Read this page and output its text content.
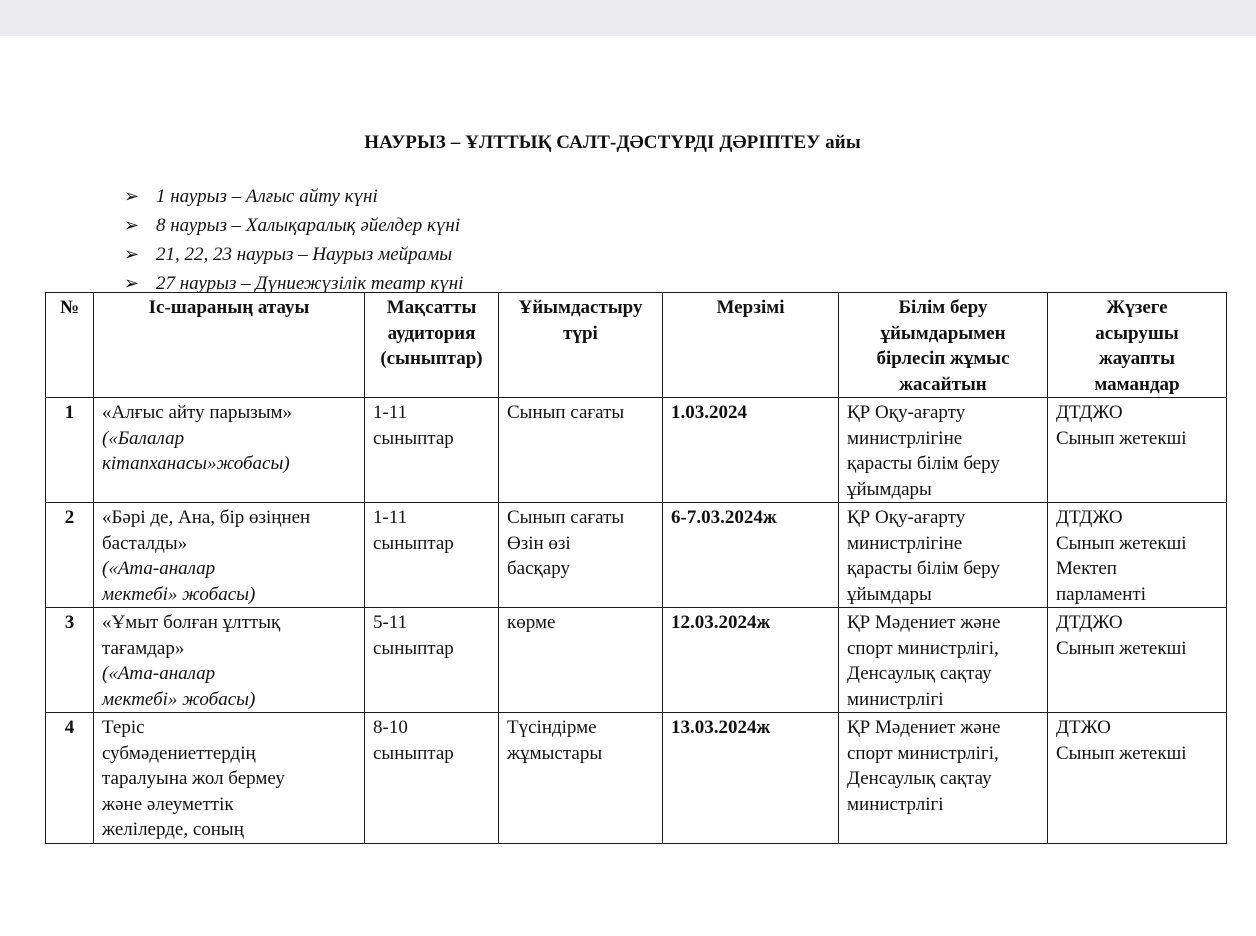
НАУРЫЗ – ҰЛТТЫҚ САЛТ-ДӘСТҮРДІ ДӘРІПТЕУ айы
➢ 1 наурыз – Алғыс айту күні
➢ 8 наурыз – Халықаралық әйелдер күні
➢ 21, 22, 23 наурыз – Наурыз мейрамы
➢ 27 наурыз – Дүниежүзілік театр күні
№	Іс-шараның атауы	Мақсатты
аудитория
(сыныптар)	Ұйымдастыру
түрі	Мерзімі	Білім беру
ұйымдарымен
бірлесіп жұмыс
жасайтын	Жүзеге
асырушы
жауапты
мамандар

1	«Алғыс айту парызым»
(«Балалар
кітапханасы»жобасы)	1-11
сыныптар	Сынып сағаты	1.03.2024	ҚР Оқу-ағарту
министрлігіне
қарасты білім беру
ұйымдары	ДТДЖО
Сынып жетекші

2	«Бәрі де, Ана, бір өзіңнен
басталды»
(«Ата-аналар
мектебі» жобасы)	1-11
сыныптар	Сынып сағаты
Өзін өзі
басқару	6-7.03.2024ж	ҚР Оқу-ағарту
министрлігіне
қарасты білім беру
ұйымдары	ДТДЖО
Сынып жетекші
Мектеп
парламенті

3	«Ұмыт болған ұлттық
тағамдар»
(«Ата-аналар
мектебі» жобасы)	5-11
сыныптар	көрме	12.03.2024ж	ҚР Мәдениет және
спорт министрлігі,
Денсаулық сақтау
министрлігі	ДТДЖО
Сынып жетекші

4	Теріс
субмәдениеттердің
таралуына жол бермеу
және әлеуметтік
желілерде, соның	8-10
сыныптар	Түсіндірме
жұмыстары	13.03.2024ж	ҚР Мәдениет және
спорт министрлігі,
Денсаулық сақтау
министрлігі	ДТЖО
Сынып жетекші
